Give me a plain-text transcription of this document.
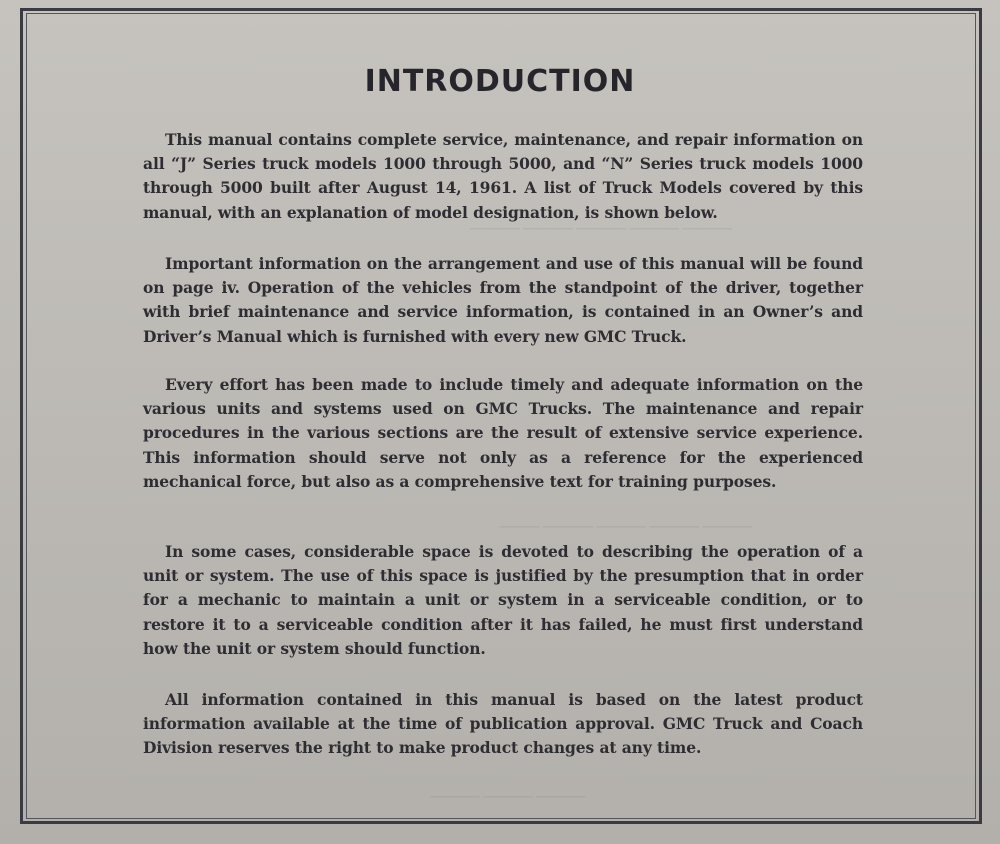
───── ───── ───── ───── ─────
───── ───── ───── ───── ────
───── ───── ─────
INTRODUCTION

This manual contains complete service, maintenance, and repair information on all “J” Series truck models 1000 through 5000, and “N” Series truck models 1000 through 5000 built after August 14, 1961. A list of Truck Models covered by this manual, with an explanation of model designation, is shown below.

Important information on the arrangement and use of this manual will be found on page iv. Operation of the vehicles from the standpoint of the driver, together with brief maintenance and service information, is contained in an Owner’s and Driver’s Manual which is furnished with every new GMC Truck.

Every effort has been made to include timely and adequate information on the various units and systems used on GMC Trucks. The maintenance and repair procedures in the various sections are the result of extensive service experience. This information should serve not only as a reference for the experienced mechanical force, but also as a comprehensive text for training purposes.

In some cases, considerable space is devoted to describing the operation of a unit or system. The use of this space is justified by the presumption that in order for a mechanic to maintain a unit or system in a serviceable condition, or to restore it to a serviceable condition after it has failed, he must first understand how the unit or system should function.

All information contained in this manual is based on the latest product information available at the time of publication approval. GMC Truck and Coach Division reserves the right to make product changes at any time.
